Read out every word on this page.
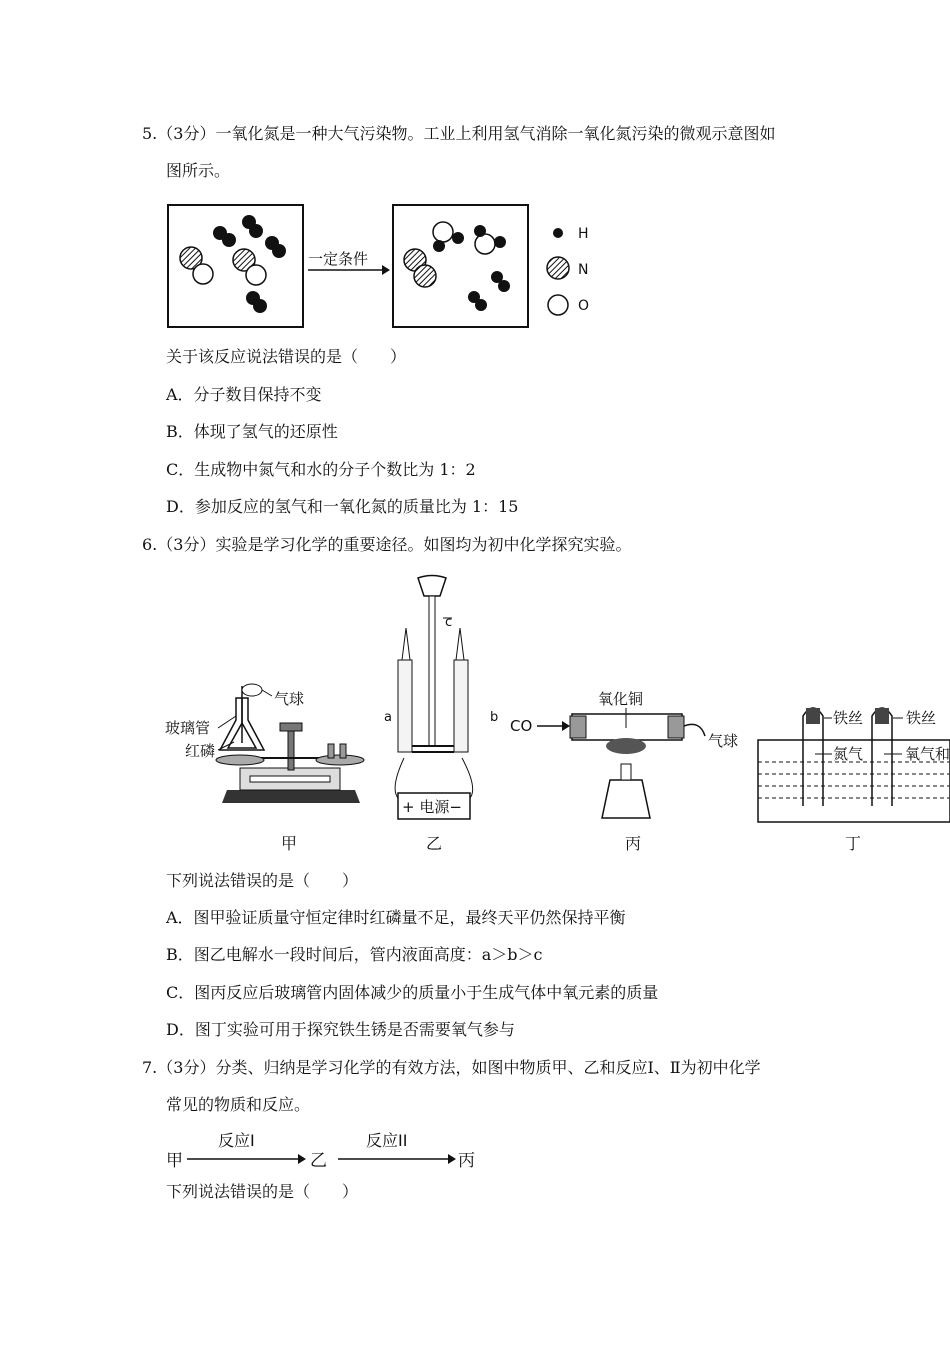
5.（3分）一氧化氮是一种大气污染物。工业上利用氢气消除一氧化氮污染的微观示意图如
图所示。
一定条件
H
N
O
关于该反应说法错误的是（　　）
A．分子数目保持不变
B．体现了氢气的还原性
C．生成物中氮气和水的分子个数比为 1：2
D．参加反应的氢气和一氧化氮的质量比为 1：15
6.（3分）实验是学习化学的重要途径。如图均为初中化学探究实验。
气球
玻璃管
红磷
甲
c
a	b
+ 电源−
乙
CO
氧化铜
气球
丙
铁丝	铁丝
氮气	氧气和
丁
下列说法错误的是（　　）
A．图甲验证质量守恒定律时红磷量不足，最终天平仍然保持平衡
B．图乙电解水一段时间后，管内液面高度：a＞b＞c
C．图丙反应后玻璃管内固体减少的质量小于生成气体中氧元素的质量
D．图丁实验可用于探究铁生锈是否需要氧气参与
7.（3分）分类、归纳是学习化学的有效方法，如图中物质甲、乙和反应Ⅰ、Ⅱ为初中化学
常见的物质和反应。
甲
反应I
乙
反应II
丙
下列说法错误的是（　　）
